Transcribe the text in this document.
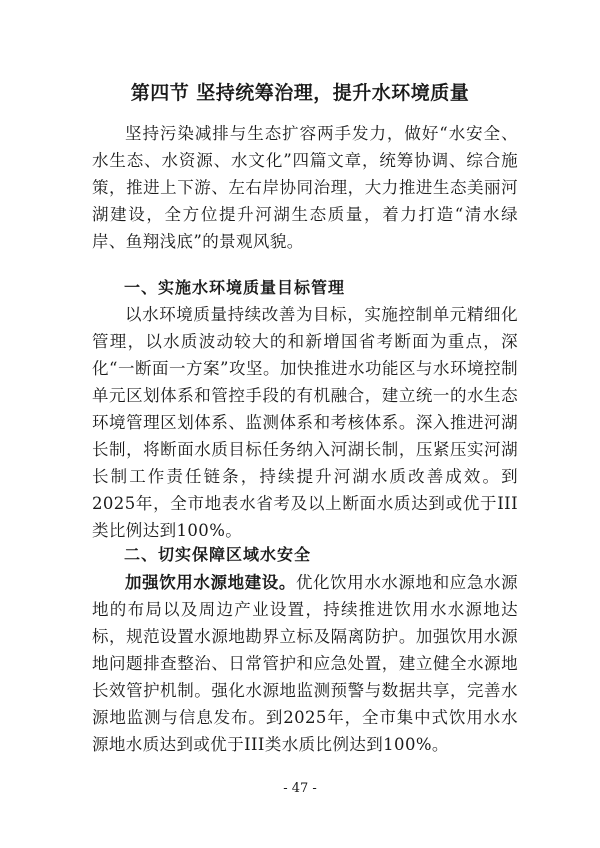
第四节 坚持统筹治理，提升水环境质量

坚持污染减排与生态扩容两手发力，做好“水安全、水生态、水资源、水文化”四篇文章，统筹协调、综合施策，推进上下游、左右岸协同治理，大力推进生态美丽河湖建设，全方位提升河湖生态质量，着力打造“清水绿岸、鱼翔浅底”的景观风貌。

一、实施水环境质量目标管理

以水环境质量持续改善为目标，实施控制单元精细化管理，以水质波动较大的和新增国省考断面为重点，深化“一断面一方案”攻坚。加快推进水功能区与水环境控制单元区划体系和管控手段的有机融合，建立统一的水生态环境管理区划体系、监测体系和考核体系。深入推进河湖长制，将断面水质目标任务纳入河湖长制，压紧压实河湖长制工作责任链条，持续提升河湖水质改善成效。到2025年，全市地表水省考及以上断面水质达到或优于III类比例达到100%。

二、切实保障区域水安全

加强饮用水源地建设。优化饮用水水源地和应急水源地的布局以及周边产业设置，持续推进饮用水水源地达标，规范设置水源地勘界立标及隔离防护。加强饮用水源地问题排查整治、日常管护和应急处置，建立健全水源地长效管护机制。强化水源地监测预警与数据共享，完善水源地监测与信息发布。到2025年，全市集中式饮用水水源地水质达到或优于III类水质比例达到100%。

- 47 -
